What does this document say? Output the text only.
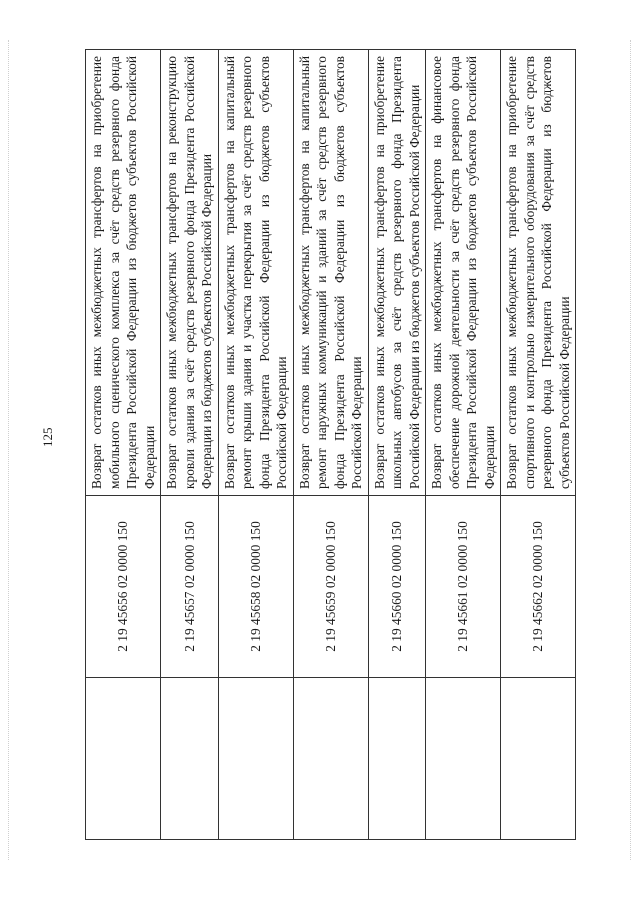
125
	2 19 45656 02 0000 150	Возврат остатков иных межбюджетных трансфертов на приобретение мобильного сценического комплекса за счёт средств резервного фонда Президента Российской Федерации из бюджетов субъектов Российской Федерации
	2 19 45657 02 0000 150	Возврат остатков иных межбюджетных трансфертов на реконструкцию кровли здания за счёт средств резервного фонда Президента Российской Федерации из бюджетов субъектов Российской Федерации
	2 19 45658 02 0000 150	Возврат остатков иных межбюджетных трансфертов на капитальный ремонт крыши здания и участка перекрытия за счёт средств резервного фонда Президента Российской Федерации из бюджетов субъектов Российской Федерации
	2 19 45659 02 0000 150	Возврат остатков иных межбюджетных трансфертов на капитальный ремонт наружных коммуникаций и зданий за счёт средств резервного фонда Президента Российской Федерации из бюджетов субъектов Российской Федерации
	2 19 45660 02 0000 150	Возврат остатков иных межбюджетных трансфертов на приобретение школьных автобусов за счёт средств резервного фонда Президента Российской Федерации из бюджетов субъектов Российской Федерации
	2 19 45661 02 0000 150	Возврат остатков иных межбюджетных трансфертов на финансовое обеспечение дорожной деятельности за счёт средств резервного фонда Президента Российской Федерации из бюджетов субъектов Российской Федерации
	2 19 45662 02 0000 150	Возврат остатков иных межбюджетных трансфертов на приобретение спортивного и контрольно измерительного оборудования за счёт средств резервного фонда Президента Российской Федерации из бюджетов субъектов Российской Федерации
